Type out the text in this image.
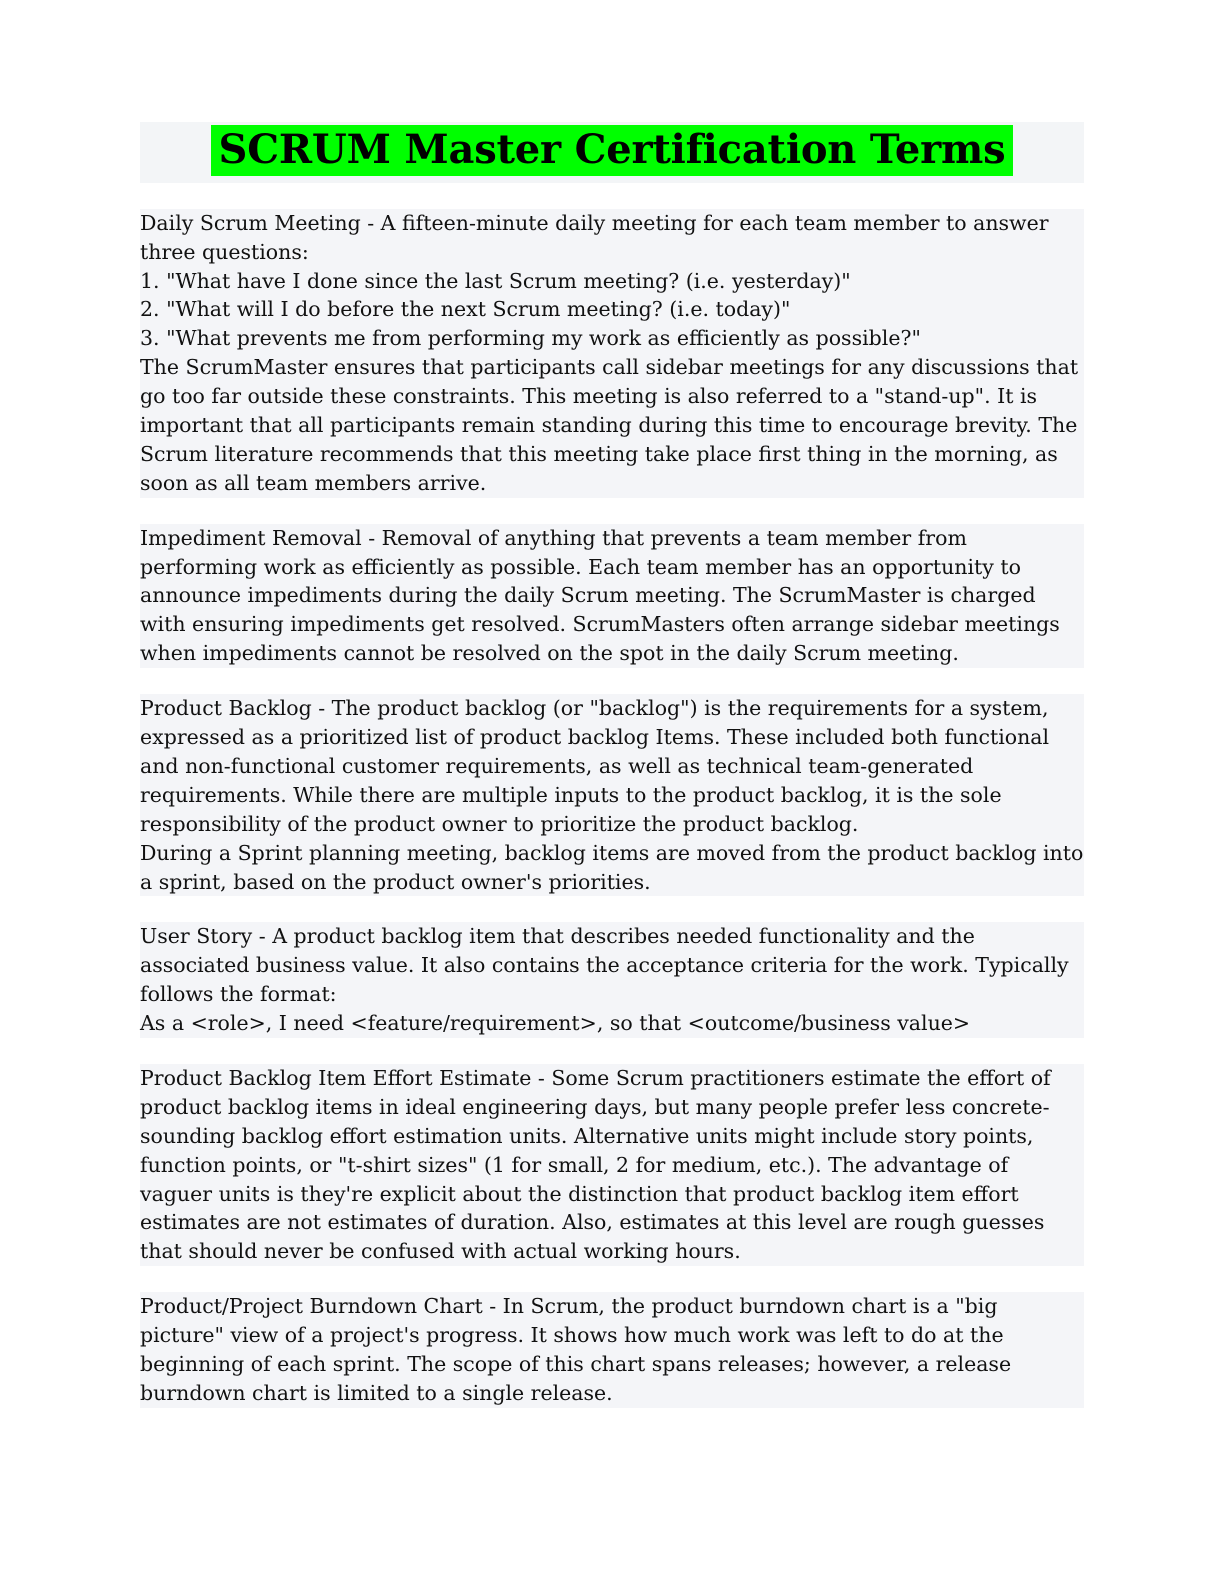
SCRUM Master Certification Terms

Daily Scrum Meeting - A fifteen-minute daily meeting for each team member to answer three questions:

1. "What have I done since the last Scrum meeting? (i.e. yesterday)"

2. "What will I do before the next Scrum meeting? (i.e. today)"

3. "What prevents me from performing my work as efficiently as possible?"

The ScrumMaster ensures that participants call sidebar meetings for any discussions that go too far outside these constraints. This meeting is also referred to a "stand-up". It is important that all participants remain standing during this time to encourage brevity. The Scrum literature recommends that this meeting take place first thing in the morning, as soon as all team members arrive.

Impediment Removal - Removal of anything that prevents a team member from performing work as efficiently as possible. Each team member has an opportunity to announce impediments during the daily Scrum meeting. The ScrumMaster is charged with ensuring impediments get resolved. ScrumMasters often arrange sidebar meetings when impediments cannot be resolved on the spot in the daily Scrum meeting.

Product Backlog - The product backlog (or "backlog") is the requirements for a system, expressed as a prioritized list of product backlog Items. These included both functional and non-functional customer requirements, as well as technical team-generated requirements. While there are multiple inputs to the product backlog, it is the sole responsibility of the product owner to prioritize the product backlog.

During a Sprint planning meeting, backlog items are moved from the product backlog into a sprint, based on the product owner's priorities.

User Story - A product backlog item that describes needed functionality and the associated business value. It also contains the acceptance criteria for the work. Typically follows the format:

As a <role>, I need <feature/requirement>, so that <outcome/business value>

Product Backlog Item Effort Estimate - Some Scrum practitioners estimate the effort of product backlog items in ideal engineering days, but many people prefer less concrete-sounding backlog effort estimation units. Alternative units might include story points, function points, or "t-shirt sizes" (1 for small, 2 for medium, etc.). The advantage of vaguer units is they're explicit about the distinction that product backlog item effort estimates are not estimates of duration. Also, estimates at this level are rough guesses that should never be confused with actual working hours.

Product/Project Burndown Chart - In Scrum, the product burndown chart is a "big picture" view of a project's progress. It shows how much work was left to do at the beginning of each sprint. The scope of this chart spans releases; however, a release burndown chart is limited to a single release.
